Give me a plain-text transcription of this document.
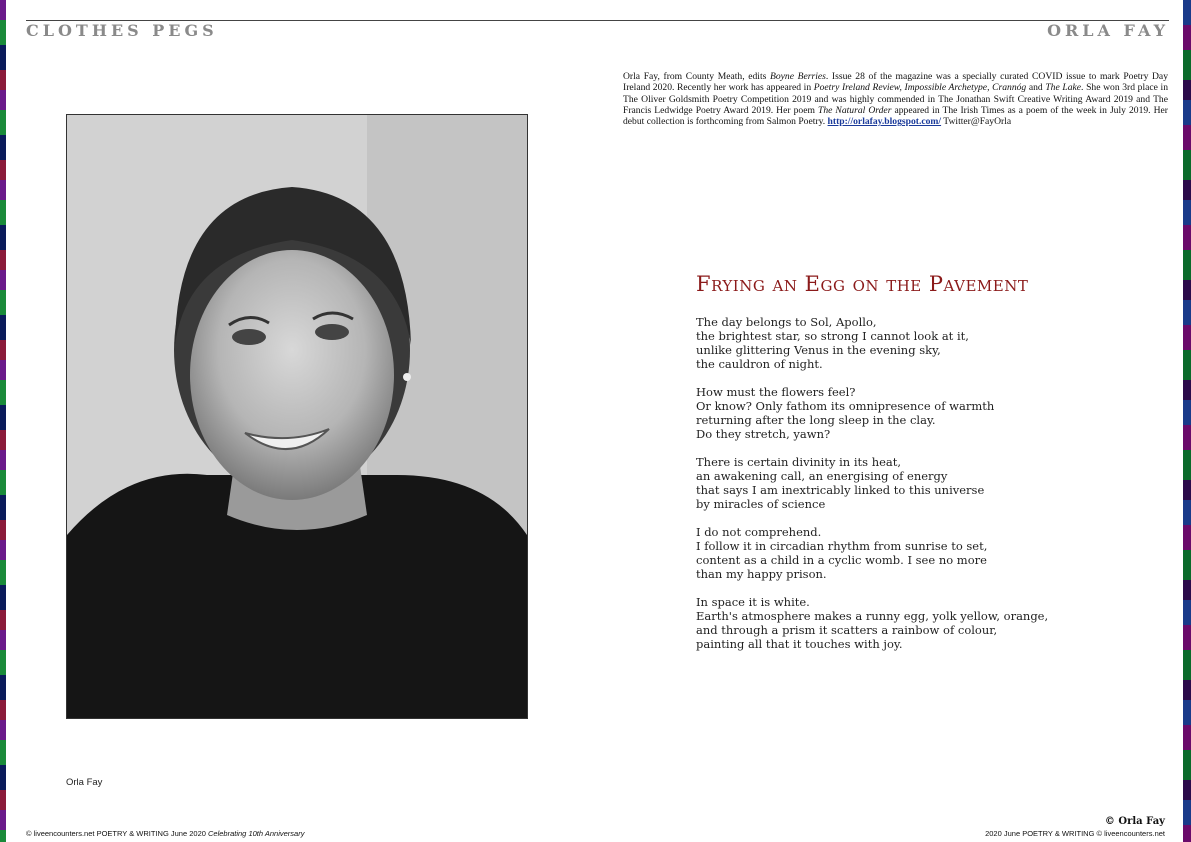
CLOTHES PEGS	ORLA FAY
Orla Fay, from County Meath, edits Boyne Berries. Issue 28 of the magazine was a specially curated COVID issue to mark Poetry Day Ireland 2020. Recently her work has appeared in Poetry Ireland Review, Impossible Archetype, Crannóg and The Lake. She won 3rd place in The Oliver Goldsmith Poetry Competition 2019 and was highly commended in The Jonathan Swift Creative Writing Award 2019 and The Francis Ledwidge Poetry Award 2019. Her poem The Natural Order appeared in The Irish Times as a poem of the week in July 2019. Her debut collection is forthcoming from Salmon Poetry. http://orlafay.blogspot.com/ Twitter@FayOrla
Frying an Egg on the Pavement
The day belongs to Sol, Apollo,
the brightest star, so strong I cannot look at it,
unlike glittering Venus in the evening sky,
the cauldron of night.
How must the flowers feel?
Or know? Only fathom its omnipresence of warmth
returning after the long sleep in the clay.
Do they stretch, yawn?
There is certain divinity in its heat,
an awakening call, an energising of energy
that says I am inextricably linked to this universe
by miracles of science
I do not comprehend.
I follow it in circadian rhythm from sunrise to set,
content as a child in a cyclic womb. I see no more
than my happy prison.
In space it is white.
Earth's atmosphere makes a runny egg, yolk yellow, orange,
and through a prism it scatters a rainbow of colour,
painting all that it touches with joy.
Orla Fay
© Orla Fay
© liveencounters.net POETRY & WRITING June 2020 Celebrating 10th Anniversary	2020 June POETRY & WRITING © liveencounters.net
